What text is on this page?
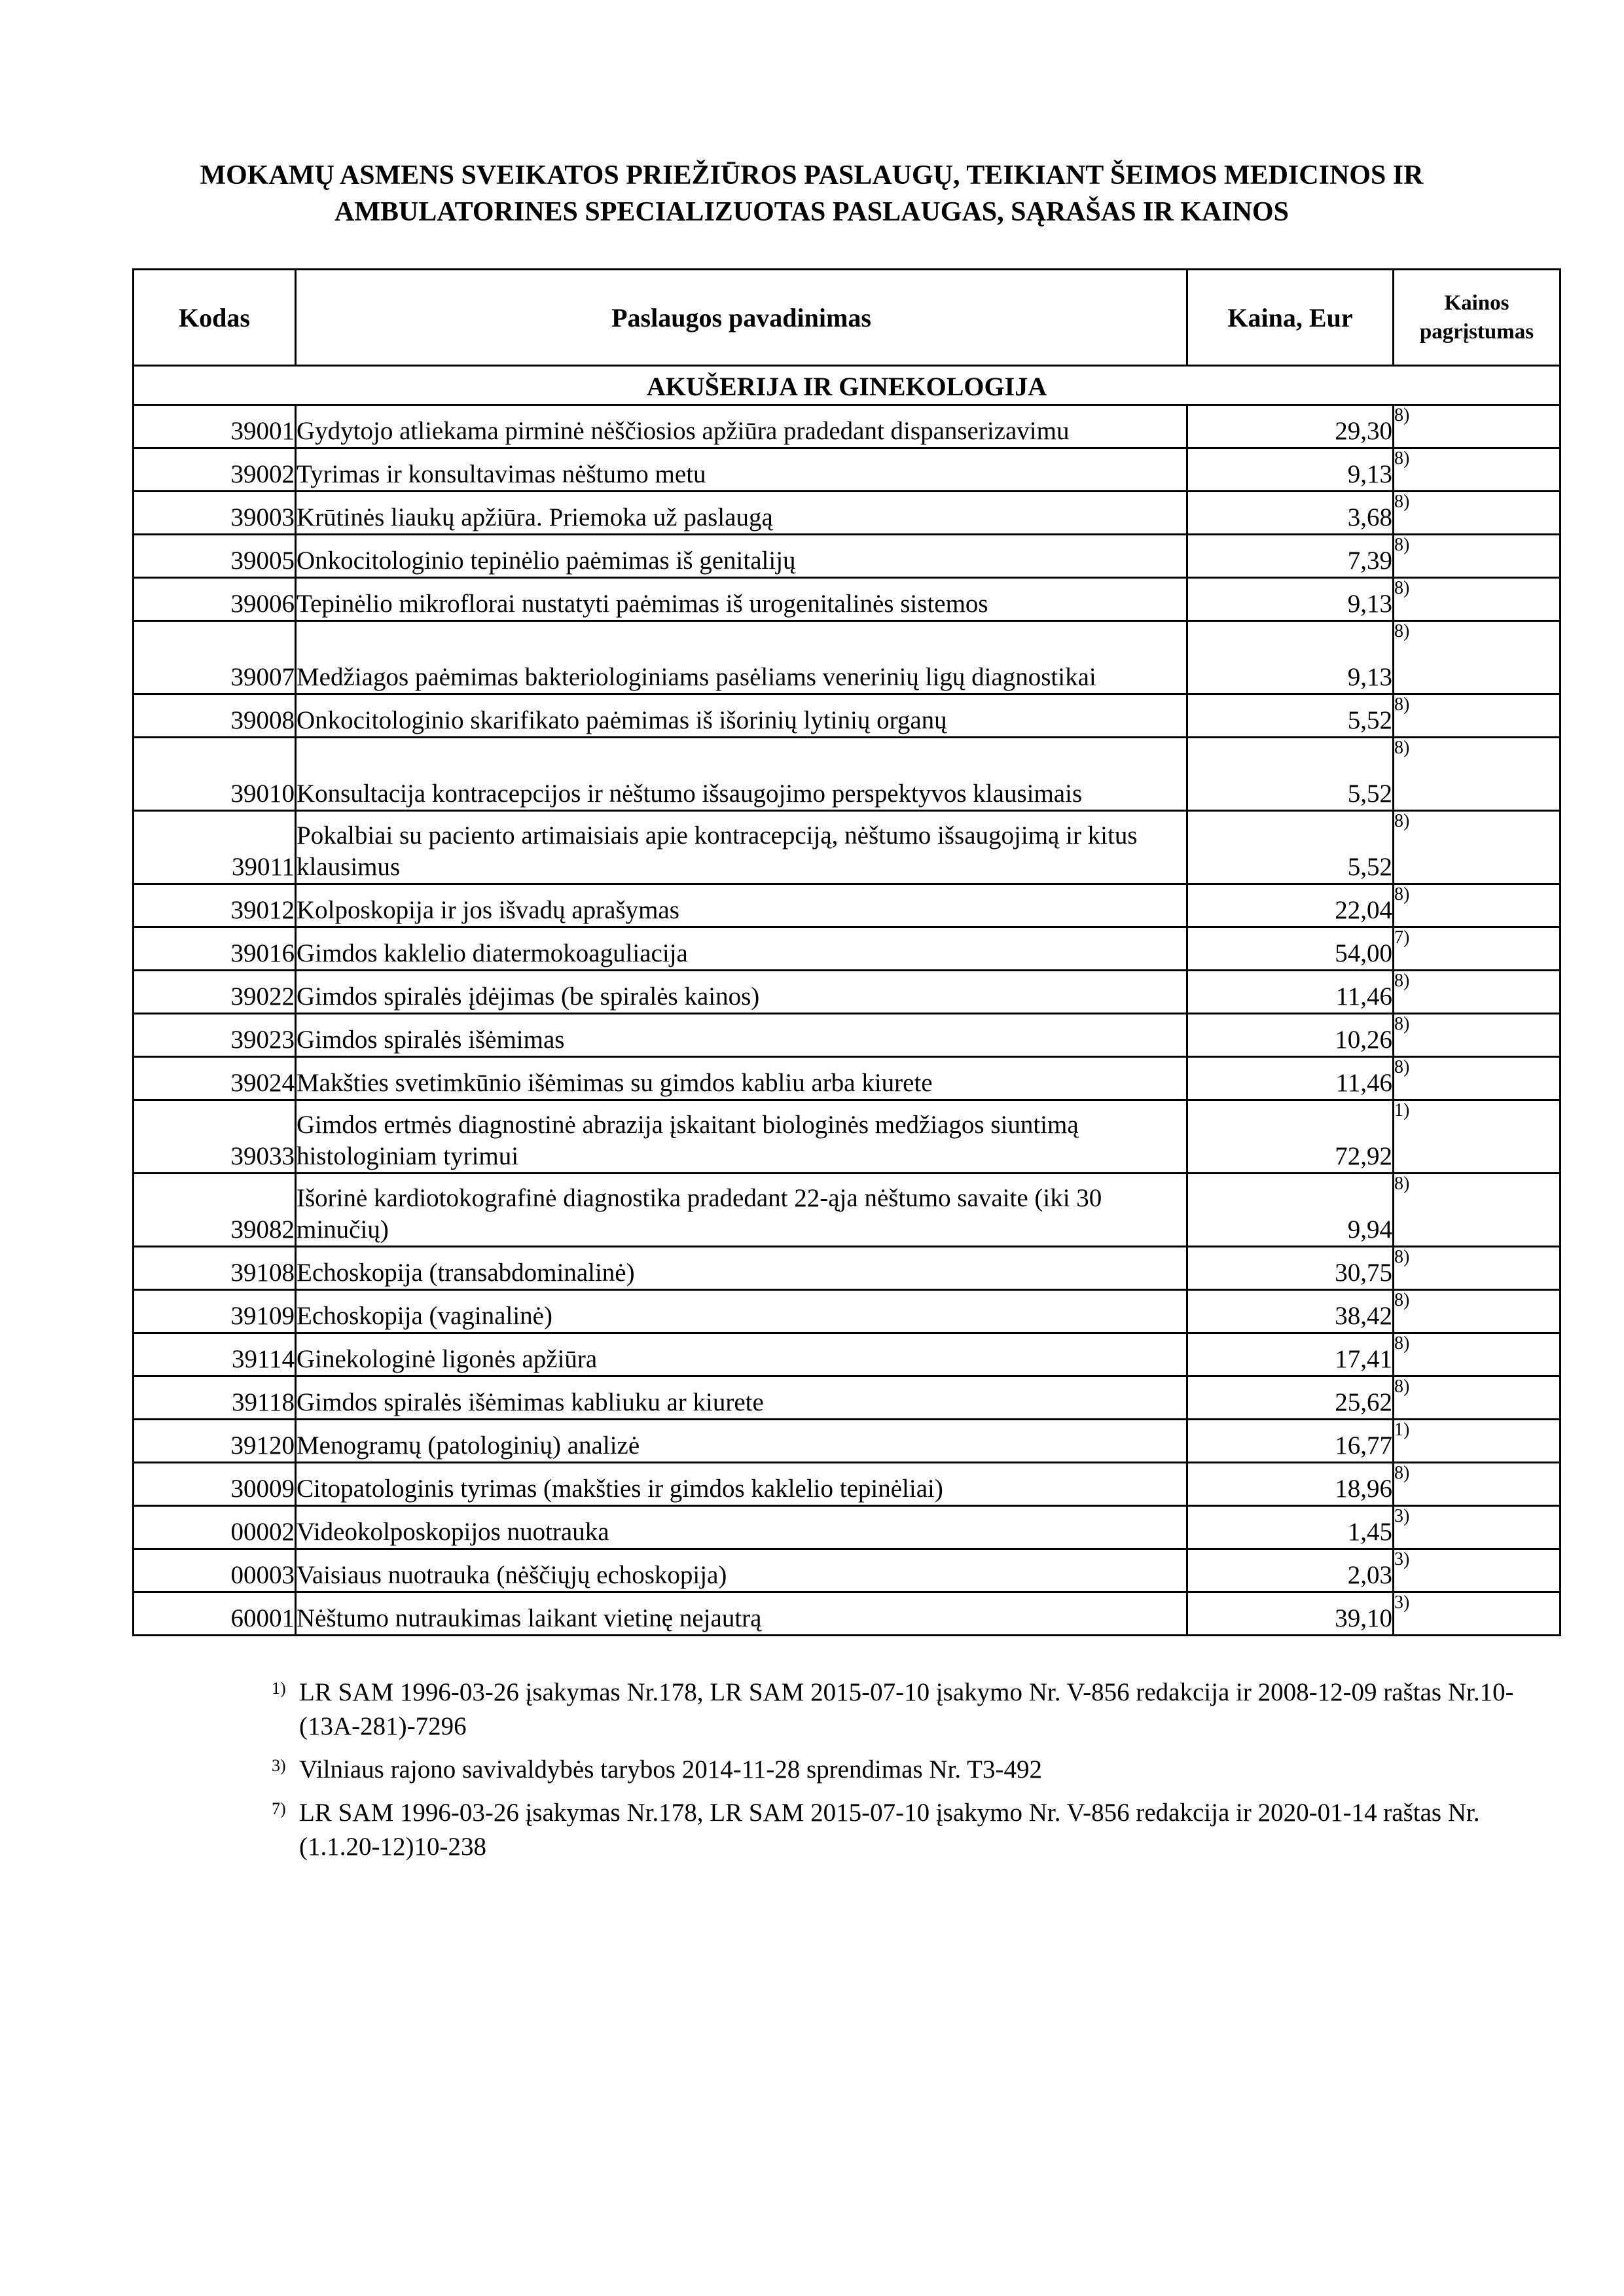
MOKAMŲ ASMENS SVEIKATOS PRIEŽIŪROS PASLAUGŲ, TEIKIANT ŠEIMOS MEDICINOS IR
AMBULATORINES SPECIALIZUOTAS PASLAUGAS, SĄRAŠAS IR KAINOS
Kodas	Paslaugos pavadinimas	Kaina, Eur	Kainos
pagrįstumas

AKUŠERIJA IR GINEKOLOGIJA			
39001	Gydytojo atliekama pirminė nėščiosios apžiūra pradedant dispanserizavimu	29,30	8)
39002	Tyrimas ir konsultavimas nėštumo metu	9,13	8)
39003	Krūtinės liaukų apžiūra. Priemoka už paslaugą	3,68	8)
39005	Onkocitologinio tepinėlio paėmimas iš genitalijų	7,39	8)
39006	Tepinėlio mikroflorai nustatyti paėmimas iš urogenitalinės sistemos	9,13	8)
39007	Medžiagos paėmimas bakteriologiniams pasėliams venerinių ligų diagnostikai	9,13	8)
39008	Onkocitologinio skarifikato paėmimas iš išorinių lytinių organų	5,52	8)
39010	Konsultacija kontracepcijos ir nėštumo išsaugojimo perspektyvos klausimais	5,52	8)
39011	Pokalbiai su paciento artimaisiais apie kontracepciją, nėštumo išsaugojimą ir kitus klausimus	5,52	8)
39012	Kolposkopija ir jos išvadų aprašymas	22,04	8)
39016	Gimdos kaklelio diatermokoaguliacija	54,00	7)
39022	Gimdos spiralės įdėjimas (be spiralės kainos)	11,46	8)
39023	Gimdos spiralės išėmimas	10,26	8)
39024	Makšties svetimkūnio išėmimas su gimdos kabliu arba kiurete	11,46	8)
39033	Gimdos ertmės diagnostinė abrazija įskaitant biologinės medžiagos siuntimą histologiniam tyrimui	72,92	1)
39082	Išorinė kardiotokografinė diagnostika pradedant 22-ąja nėštumo savaite (iki 30 minučių)	9,94	8)
39108	Echoskopija (transabdominalinė)	30,75	8)
39109	Echoskopija (vaginalinė)	38,42	8)
39114	Ginekologinė ligonės apžiūra	17,41	8)
39118	Gimdos spiralės išėmimas kabliuku ar kiurete	25,62	8)
39120	Menogramų (patologinių) analizė	16,77	1)
30009	Citopatologinis tyrimas (makšties ir gimdos kaklelio tepinėliai)	18,96	8)
00002	Videokolposkopijos nuotrauka	1,45	3)
00003	Vaisiaus nuotrauka (nėščiųjų echoskopija)	2,03	3)
60001	Nėštumo nutraukimas laikant vietinę nejautrą	39,10	3)
1) LR SAM 1996-03-26 įsakymas Nr.178, LR SAM 2015-07-10 įsakymo Nr. V-856 redakcija ir 2008-12-09 raštas Nr.10-(13A-281)-7296
3) Vilniaus rajono savivaldybės tarybos 2014-11-28 sprendimas Nr. T3-492
7) LR SAM 1996-03-26 įsakymas Nr.178, LR SAM 2015-07-10 įsakymo Nr. V-856 redakcija ir 2020-01-14 raštas Nr. (1.1.20-12)10-238
